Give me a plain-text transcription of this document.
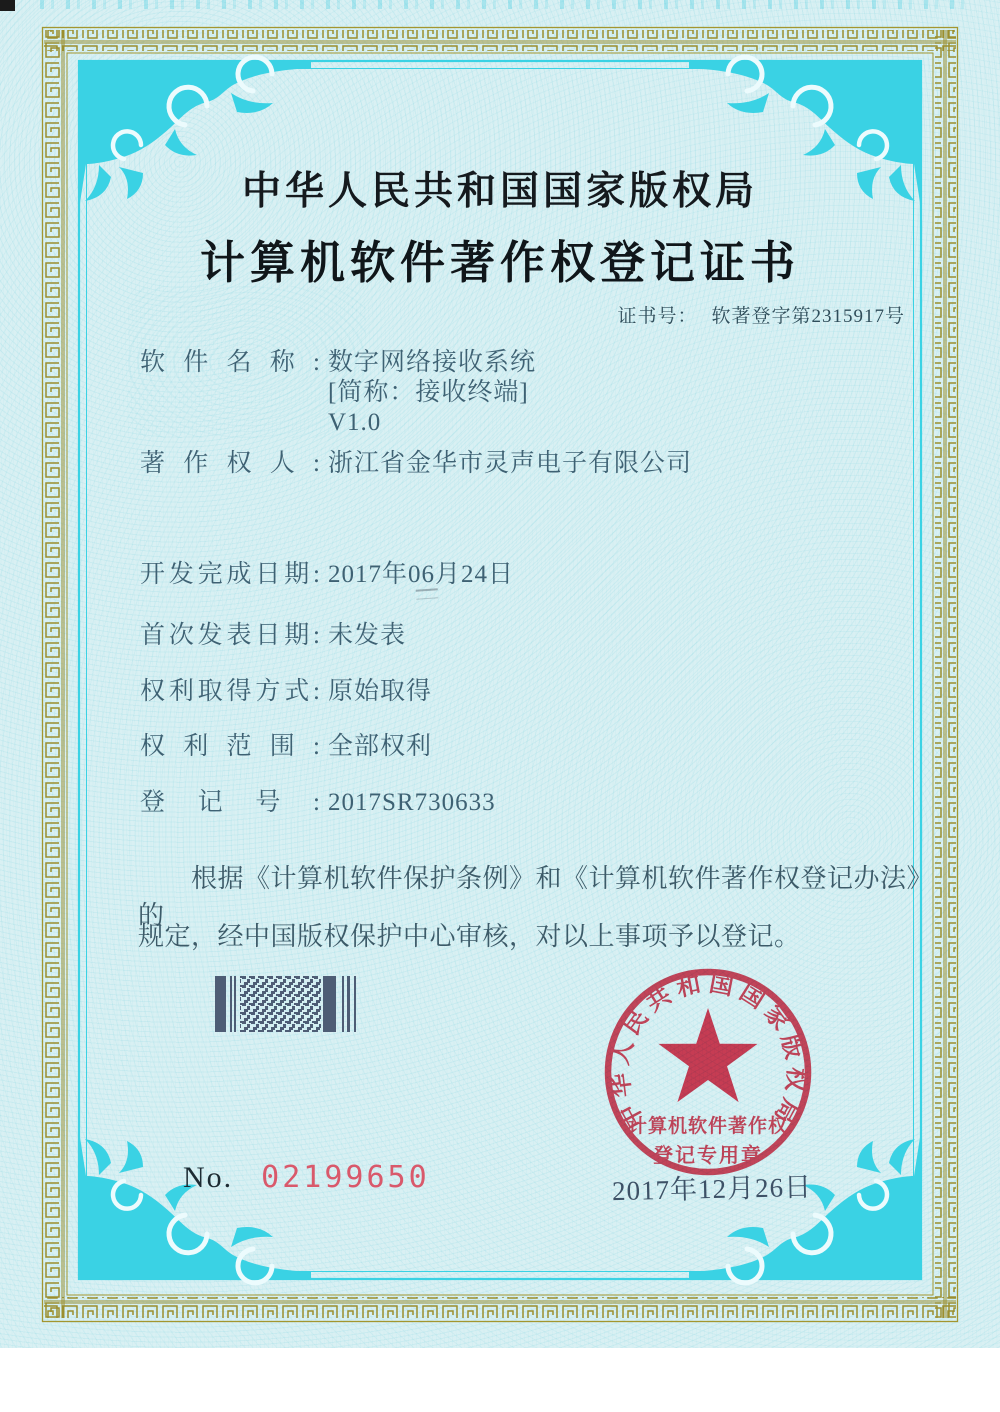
中华人民共和国国家版权局
计算机软件著作权登记证书
证书号： 软著登字第2315917号
软件名称: 数字网络接收系统
[简称：接收终端]
V1.0
著作权人: 浙江省金华市灵声电子有限公司
开发完成日期: 2017年06月24日
首次发表日期: 未发表
权利取得方式: 原始取得
权利范围: 全部权利
登记号: 2017SR730633
　　根据《计算机软件保护条例》和《计算机软件著作权登记办法》的
规定，经中国版权保护中心审核，对以上事项予以登记。
2017年12月26日
中华人民共和国国家版权局
计算机软件著作权
登记专用章
No. 02199650
